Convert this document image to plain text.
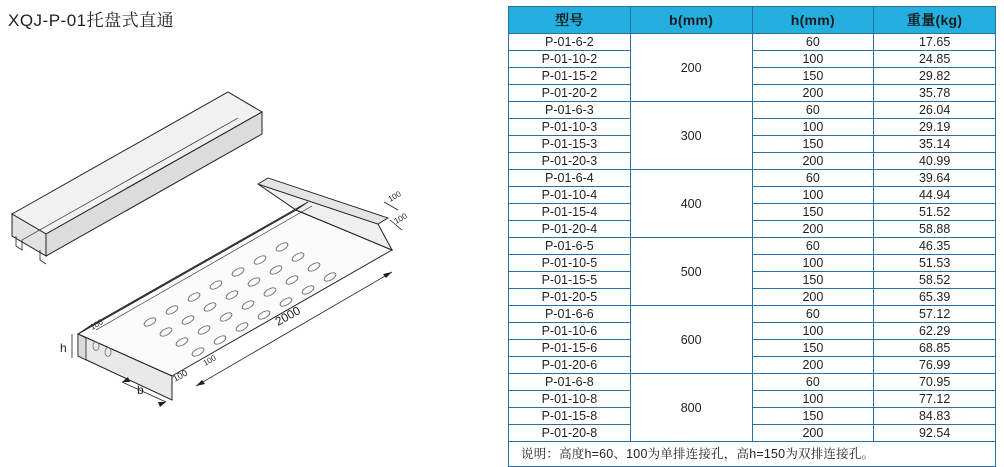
XQJ-P-01托盘式直通
2000
b
h
100
100
100
100
100
型号	b(mm)	h(mm)	重量(kg)
P-01-6-2	200	60	17.65
P-01-10-2		100	24.85
P-01-15-2		150	29.82
P-01-20-2		200	35.78
P-01-6-3	300	60	26.04
P-01-10-3		100	29.19
P-01-15-3		150	35.14
P-01-20-3		200	40.99
P-01-6-4	400	60	39.64
P-01-10-4		100	44.94
P-01-15-4		150	51.52
P-01-20-4		200	58.88
P-01-6-5	500	60	46.35
P-01-10-5		100	51.53
P-01-15-5		150	58.52
P-01-20-5		200	65.39
P-01-6-6	600	60	57.12
P-01-10-6		100	62.29
P-01-15-6		150	68.85
P-01-20-6		200	76.99
P-01-6-8	800	60	70.95
P-01-10-8		100	77.12
P-01-15-8		150	84.83
P-01-20-8		200	92.54
说明：高度h=60、100为单排连接孔，高h=150为双排连接孔。			
